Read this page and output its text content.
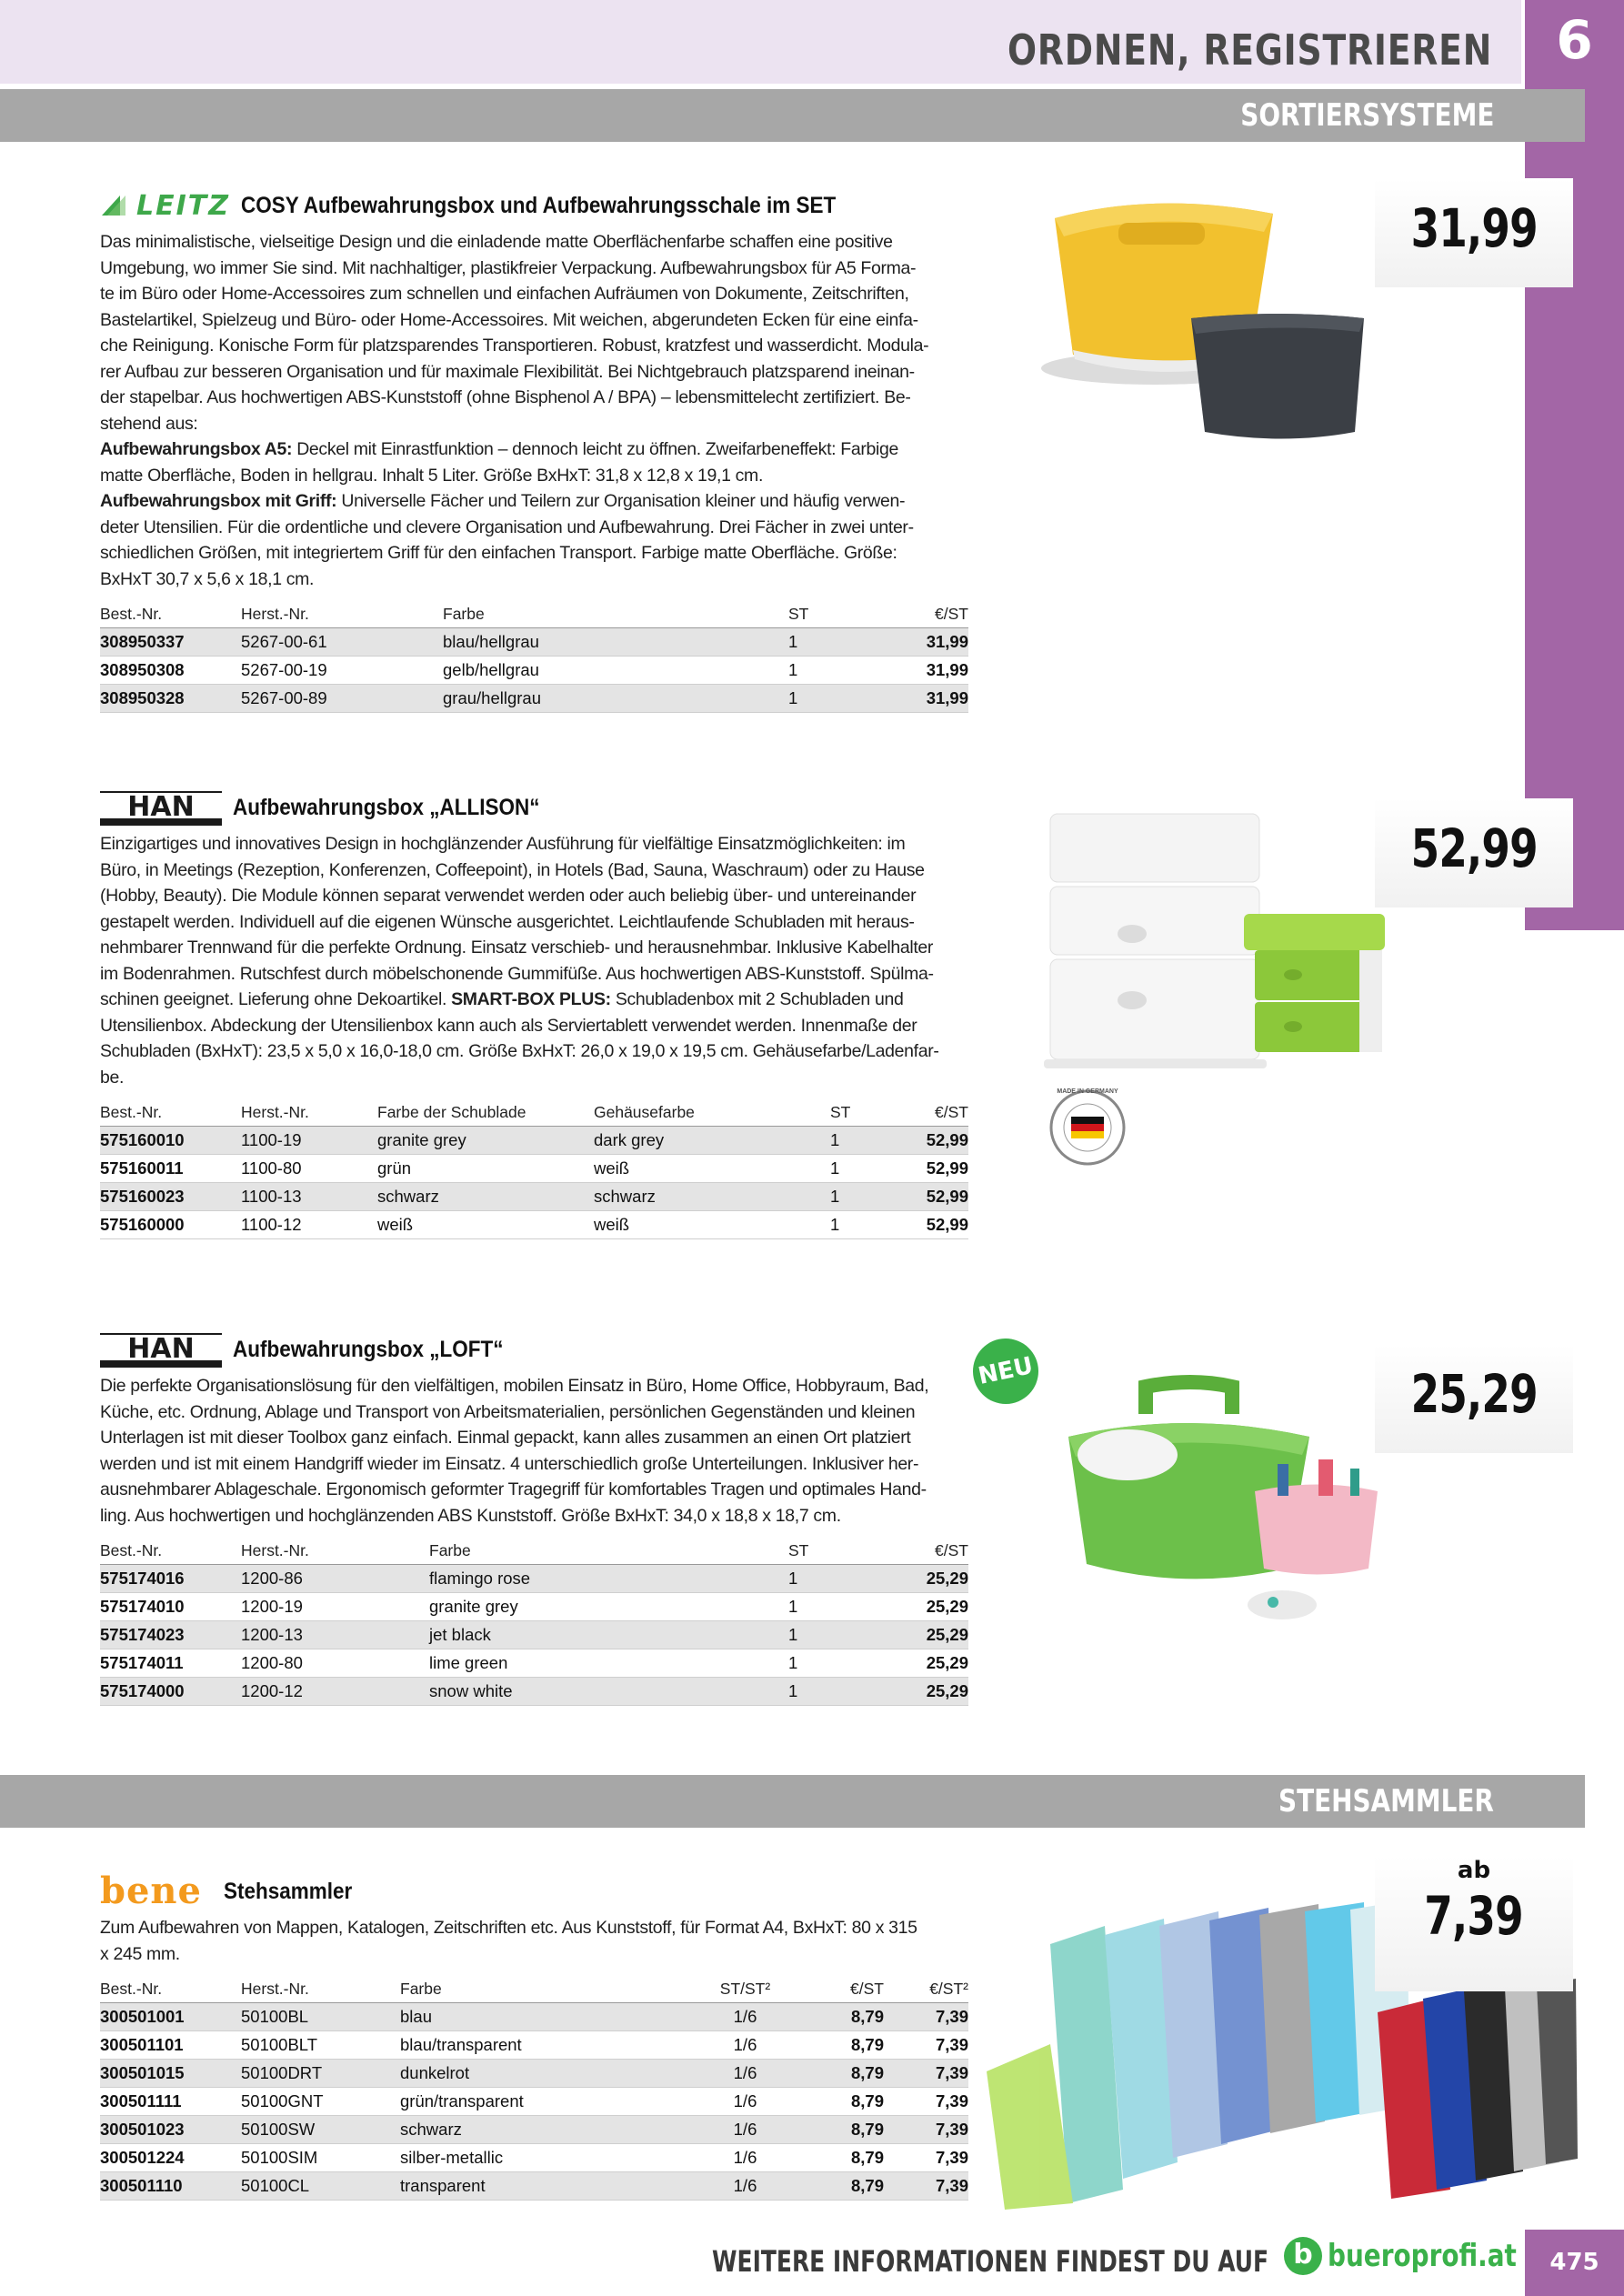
ORDNEN, REGISTRIEREN	6
SORTIERSYSTEME
LEITZ COSY Aufbewahrungsbox und Aufbewahrungsschale im SET
Das minimalistische, vielseitige Design und die einladende matte Oberflächenfarbe schaffen eine positive
Umgebung, wo immer Sie sind. Mit nachhaltiger, plastikfreier Verpackung. Aufbewahrungsbox für A5 Forma-
te im Büro oder Home-Accessoires zum schnellen und einfachen Aufräumen von Dokumente, Zeitschriften,
Bastelartikel, Spielzeug und Büro- oder Home-Accessoires. Mit weichen, abgerundeten Ecken für eine einfa-
che Reinigung. Konische Form für platzsparendes Transportieren. Robust, kratzfest und wasserdicht. Modula-
rer Aufbau zur besseren Organisation und für maximale Flexibilität. Bei Nichtgebrauch platzsparend ineinan-
der stapelbar. Aus hochwertigen ABS-Kunststoff (ohne Bisphenol A / BPA) – lebensmittelecht zertifiziert. Be-
stehend aus:
Aufbewahrungsbox A5: Deckel mit Einrastfunktion – dennoch leicht zu öffnen. Zweifarbeneffekt: Farbige
matte Oberfläche, Boden in hellgrau. Inhalt 5 Liter. Größe BxHxT: 31,8 x 12,8 x 19,1 cm.
Aufbewahrungsbox mit Griff: Universelle Fächer und Teilern zur Organisation kleiner und häufig verwen-
deter Utensilien. Für die ordentliche und clevere Organisation und Aufbewahrung. Drei Fächer in zwei unter-
schiedlichen Größen, mit integriertem Griff für den einfachen Transport. Farbige matte Oberfläche. Größe:
BxHxT 30,7 x 5,6 x 18,1 cm.
Best.-Nr.	Herst.-Nr.	Farbe	ST	€/ST
308950337	5267-00-61	blau/hellgrau	1	31,99
308950308	5267-00-19	gelb/hellgrau	1	31,99
308950328	5267-00-89	grau/hellgrau	1	31,99
31,99
HAN Aufbewahrungsbox „ALLISON“
Einzigartiges und innovatives Design in hochglänzender Ausführung für vielfältige Einsatzmöglichkeiten: im
Büro, in Meetings (Rezeption, Konferenzen, Coffeepoint), in Hotels (Bad, Sauna, Waschraum) oder zu Hause
(Hobby, Beauty). Die Module können separat verwendet werden oder auch beliebig über- und untereinander
gestapelt werden. Individuell auf die eigenen Wünsche ausgerichtet. Leichtlaufende Schubladen mit heraus-
nehmbarer Trennwand für die perfekte Ordnung. Einsatz verschieb- und herausnehmbar. Inklusive Kabelhalter
im Bodenrahmen. Rutschfest durch möbelschonende Gummifüße. Aus hochwertigen ABS-Kunststoff. Spülma-
schinen geeignet. Lieferung ohne Dekoartikel. SMART-BOX PLUS: Schubladenbox mit 2 Schubladen und
Utensilienbox. Abdeckung der Utensilienbox kann auch als Serviertablett verwendet werden. Innenmaße der
Schubladen (BxHxT): 23,5 x 5,0 x 16,0-18,0 cm. Größe BxHxT: 26,0 x 19,0 x 19,5 cm. Gehäusefarbe/Ladenfar-
be.
Best.-Nr.	Herst.-Nr.	Farbe der Schublade	Gehäusefarbe	ST	€/ST
575160010	1100-19	granite grey	dark grey	1	52,99
575160011	1100-80	grün	weiß	1	52,99
575160023	1100-13	schwarz	schwarz	1	52,99
575160000	1100-12	weiß	weiß	1	52,99
MADE IN GERMANY
52,99
HAN Aufbewahrungsbox „LOFT“
Die perfekte Organisationslösung für den vielfältigen, mobilen Einsatz in Büro, Home Office, Hobbyraum, Bad,
Küche, etc. Ordnung, Ablage und Transport von Arbeitsmaterialien, persönlichen Gegenständen und kleinen
Unterlagen ist mit dieser Toolbox ganz einfach. Einmal gepackt, kann alles zusammen an einen Ort platziert
werden und ist mit einem Handgriff wieder im Einsatz. 4 unterschiedlich große Unterteilungen. Inklusiver her-
ausnehmbarer Ablageschale. Ergonomisch geformter Tragegriff für komfortables Tragen und optimales Hand-
ling. Aus hochwertigen und hochglänzenden ABS Kunststoff. Größe BxHxT: 34,0 x 18,8 x 18,7 cm.
Best.-Nr.	Herst.-Nr.	Farbe	ST	€/ST
575174016	1200-86	flamingo rose	1	25,29
575174010	1200-19	granite grey	1	25,29
575174023	1200-13	jet black	1	25,29
575174011	1200-80	lime green	1	25,29
575174000	1200-12	snow white	1	25,29
NEU	25,29
STEHSAMMLER
bene Stehsammler
Zum Aufbewahren von Mappen, Katalogen, Zeitschriften etc. Aus Kunststoff, für Format A4, BxHxT: 80 x 315
x 245 mm.
Best.-Nr.	Herst.-Nr.	Farbe	ST/ST²	€/ST	€/ST²
300501001	50100BL	blau	1/6	8,79	7,39
300501101	50100BLT	blau/transparent	1/6	8,79	7,39
300501015	50100DRT	dunkelrot	1/6	8,79	7,39
300501111	50100GNT	grün/transparent	1/6	8,79	7,39
300501023	50100SW	schwarz	1/6	8,79	7,39
300501224	50100SIM	silber-metallic	1/6	8,79	7,39
300501110	50100CL	transparent	1/6	8,79	7,39
ab
7,39
WEITERE INFORMATIONEN FINDEST DU AUF b bueroprofi.at	475
